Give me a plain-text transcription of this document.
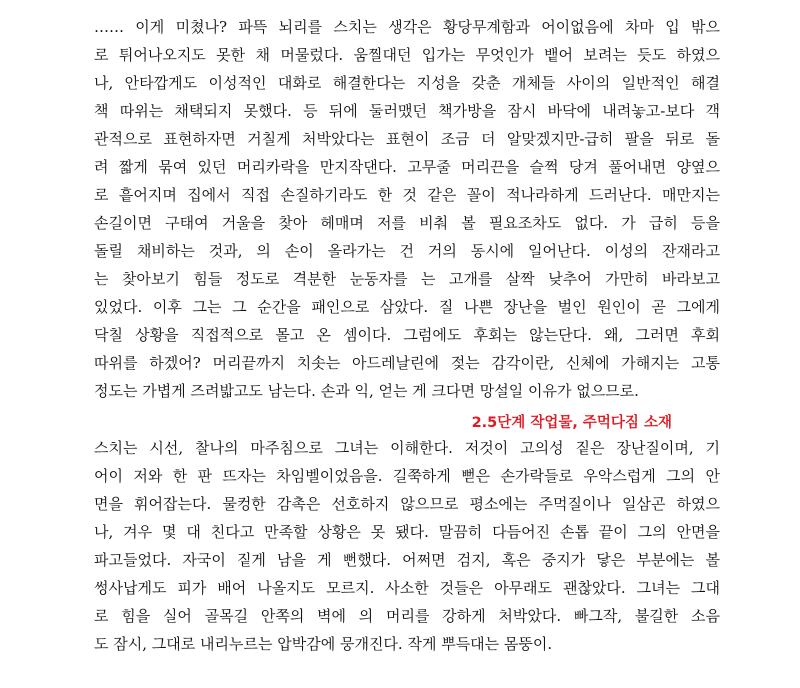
…… 이게 미쳤나? 파뜩 뇌리를 스치는 생각은 황당무계함과 어이없음에 차마 입 밖으
로 튀어나오지도 못한 채 머물렀다. 움찔대던 입가는 무엇인가 뱉어 보려는 듯도 하였으
나, 안타깝게도 이성적인 대화로 해결한다는 지성을 갖춘 개체들 사이의 일반적인 해결
책 따위는 채택되지 못했다. 등 뒤에 둘러맸던 책가방을 잠시 바닥에 내려놓고-보다 객
관적으로 표현하자면 거칠게 처박았다는 표현이 조금 더 알맞겠지만-급히 팔을 뒤로 돌
려 짧게 묶여 있던 머리카락을 만지작댄다. 고무줄 머리끈을 슬쩍 당겨 풀어내면 양옆으
로 흩어지며 집에서 직접 손질하기라도 한 것 같은 꼴이 적나라하게 드러난다. 매만지는
손길이면 구태여 거울을 찾아 헤매며 저를 비춰 볼 필요조차도 없다. 가 급히 등을
돌릴 채비하는 것과, 의 손이 올라가는 건 거의 동시에 일어난다. 이성의 잔재라고
는 찾아보기 힘들 정도로 격분한 눈동자를 는 고개를 살짝 낮추어 가만히 바라보고
있었다. 이후 그는 그 순간을 패인으로 삼았다. 질 나쁜 장난을 벌인 원인이 곧 그에게
닥칠 상황을 직접적으로 몰고 온 셈이다. 그럼에도 후회는 않는단다. 왜, 그러면 후회
따위를 하겠어? 머리끝까지 치솟는 아드레날린에 젖는 감각이란, 신체에 가해지는 고통
정도는 가볍게 즈려밟고도 남는다. 손과 익, 얻는 게 크다면 망설일 이유가 없으므로.
2.5단계 작업물, 주먹다짐 소재
스치는 시선, 찰나의 마주침으로 그녀는 이해한다. 저것이 고의성 짙은 장난질이며, 기
어이 저와 한 판 뜨자는 차임벨이었음을. 길쭉하게 뻗은 손가락들로 우악스럽게 그의 안
면을 휘어잡는다. 물컹한 감촉은 선호하지 않으므로 평소에는 주먹질이나 일삼곤 하였으
나, 겨우 몇 대 친다고 만족할 상황은 못 됐다. 말끔히 다듬어진 손톱 끝이 그의 안면을
파고들었다. 자국이 짙게 남을 게 뻔했다. 어쩌면 검지, 혹은 중지가 닿은 부분에는 볼
썽사납게도 피가 배어 나올지도 모르지. 사소한 것들은 아무래도 괜찮았다. 그녀는 그대
로 힘을 실어 골목길 안쪽의 벽에 의 머리를 강하게 처박았다. 빠그작, 불길한 소음
도 잠시, 그대로 내리누르는 압박감에 뭉개진다. 작게 뿌득대는 몸뚱이.
